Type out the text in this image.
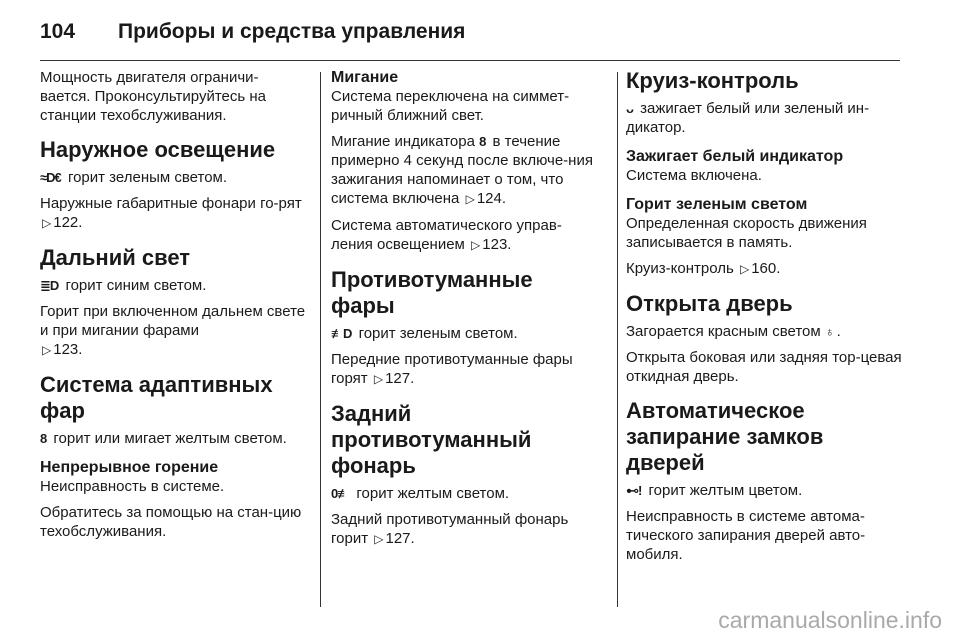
104 Приборы и средства управления

Мощность двигателя ограничи-вается. Проконсультируйтесь на станции техобслуживания.

Наружное освещение

≈D€ горит зеленым светом.

Наружные габаритные фонари го-рят ▷ 122.

Дальний свет

≣D горит синим светом.

Горит при включенном дальнем свете и при мигании фарами
▷ 123.

Система адаптивных фар

8 горит или мигает желтым светом.

Непрерывное горение

Неисправность в системе.

Обратитесь за помощью на стан-цию техобслуживания.

Мигание

Система переключена на симмет-ричный ближний свет.

Мигание индикатора 8 в течение примерно 4 секунд после включе-ния зажигания напоминает о том, что система включена ▷ 124.

Система автоматического управ-ления освещением ▷ 123.

Противотуманные фары

≢D горит зеленым светом.

Передние противотуманные фары горят ▷ 127.

Задний противотуманный фонарь

0≢ горит желтым светом.

Задний противотуманный фонарь горит ▷ 127.

Круиз-контроль

ᴗ зажигает белый или зеленый ин-дикатор.

Зажигает белый индикатор

Система включена.

Горит зеленым светом

Определенная скорость движения записывается в память.

Круиз-контроль ▷ 160.

Открыта дверь

Загорается красным светом ♁ .

Открыта боковая или задняя тор-цевая откидная дверь.

Автоматическое запирание замков дверей

⊷! горит желтым цветом.

Неисправность в системе автома-тического запирания дверей авто-мобиля.

carmanualsonline.info
